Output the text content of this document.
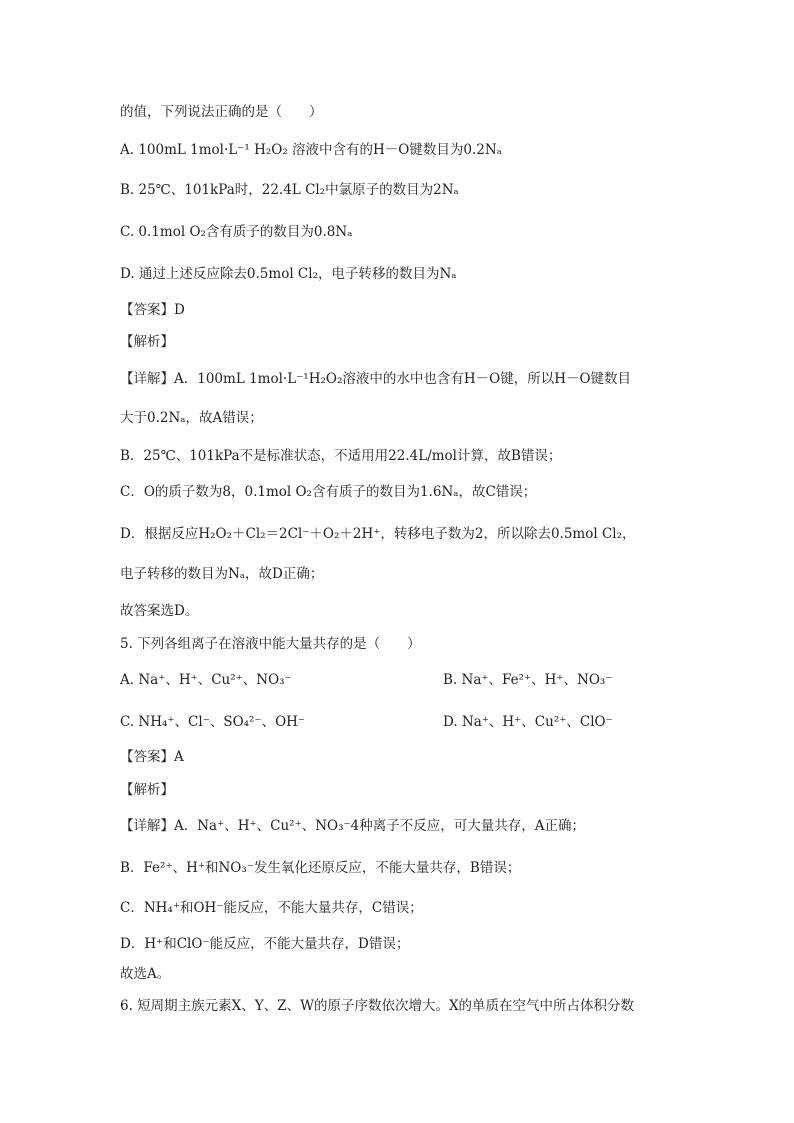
的值，下列说法正确的是（　　）
A. 100mL 1mol·L⁻¹ H₂O₂ 溶液中含有的H－O键数目为0.2Nₐ
B. 25℃、101kPa时，22.4L Cl₂中氯原子的数目为2Nₐ
C. 0.1mol O₂含有质子的数目为0.8Nₐ
D. 通过上述反应除去0.5mol Cl₂，电子转移的数目为Nₐ
【答案】D
【解析】
【详解】A．100mL 1mol·L⁻¹H₂O₂溶液中的水中也含有H－O键，所以H－O键数目
大于0.2Nₐ，故A错误；
B．25℃、101kPa不是标准状态，不适用用22.4L/mol计算，故B错误；
C．O的质子数为8，0.1mol O₂含有质子的数目为1.6Nₐ，故C错误；
D．根据反应H₂O₂＋Cl₂＝2Cl⁻＋O₂＋2H⁺，转移电子数为2，所以除去0.5mol Cl₂，
电子转移的数目为Nₐ，故D正确；
故答案选D。
5. 下列各组离子在溶液中能大量共存的是（　　）
A. Na⁺、H⁺、Cu²⁺、NO₃⁻	B. Na⁺、Fe²⁺、H⁺、NO₃⁻
C. NH₄⁺、Cl⁻、SO₄²⁻、OH⁻	D. Na⁺、H⁺、Cu²⁺、ClO⁻
【答案】A
【解析】
【详解】A．Na⁺、H⁺、Cu²⁺、NO₃⁻4种离子不反应，可大量共存，A正确；
B．Fe²⁺、H⁺和NO₃⁻发生氧化还原反应，不能大量共存，B错误；
C．NH₄⁺和OH⁻能反应，不能大量共存，C错误；
D．H⁺和ClO⁻能反应，不能大量共存，D错误；
故选A。
6. 短周期主族元素X、Y、Z、W的原子序数依次增大。X的单质在空气中所占体积分数
